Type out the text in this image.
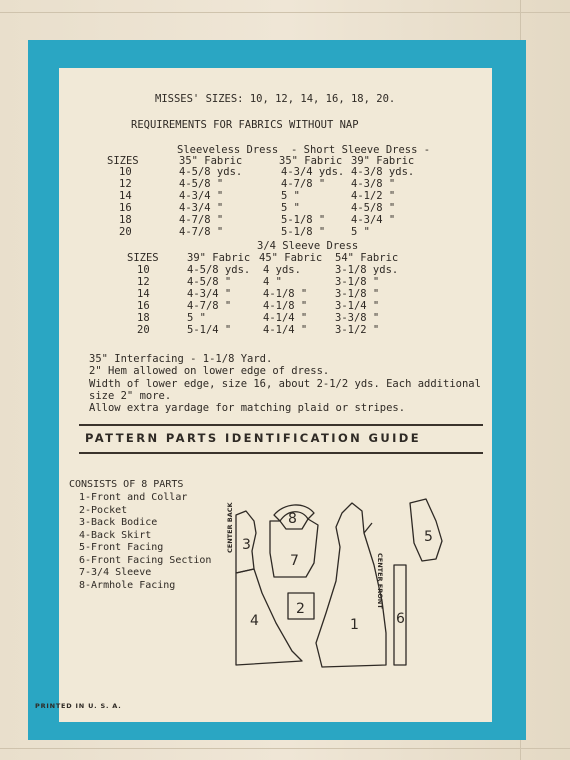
MISSES' SIZES: 10, 12, 14, 16, 18, 20.
REQUIREMENTS FOR FABRICS WITHOUT NAP
Sleeveless Dress - Short Sleeve Dress -
SIZES	35" Fabric	35" Fabric 39" Fabric
10	4-5/8 yds.	4-3/4 yds. 4-3/8 yds.
12	4-5/8 "	4-7/8 " 4-3/8 "
14	4-3/4 "	5 "	4-1/2 "
16	4-3/4 "	5 "	4-5/8 "
18	4-7/8 "	5-1/8 " 4-3/4 "
20	4-7/8 "	5-1/8 " 5 "
3/4 Sleeve Dress
SIZES	39" Fabric 45" Fabric 54" Fabric
10	4-5/8 yds. 4 yds.	3-1/8 yds.
12	4-5/8 "	4 "	3-1/8 "
14	4-3/4 "	4-1/8 "	3-1/8 "
16	4-7/8 "	4-1/8 "	3-1/4 "
18	5 "	4-1/4 "	3-3/8 "
20	5-1/4 "	4-1/4 "	3-1/2 "
35" Interfacing - 1-1/8 Yard.
2" Hem allowed on lower edge of dress.
Width of lower edge, size 16, about 2-1/2 yds. Each additional
size 2" more.
Allow extra yardage for matching plaid or stripes.
PATTERN PARTS IDENTIFICATION GUIDE
CONSISTS OF 8 PARTS
1-Front and Collar
2-Pocket
3-Back Bodice
4-Back Skirt
5-Front Facing
6-Front Facing Section
7-3/4 Sleeve
8-Armhole Facing
3
4
8
7
2
1
5
6
CENTER BACK
CENTER FRONT
PRINTED IN U. S. A.
